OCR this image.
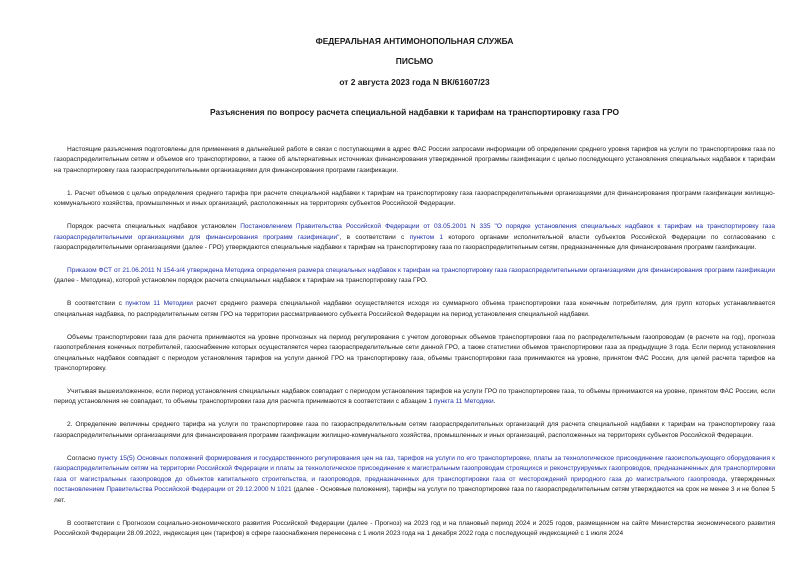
ФЕДЕРАЛЬНАЯ АНТИМОНОПОЛЬНАЯ СЛУЖБА

ПИСЬМО

от 2 августа 2023 года N ВК/61607/23

Разъяснения по вопросу расчета специальной надбавки к тарифам на транспортировку газа ГРО

Настоящие разъяснения подготовлены для применения в дальнейшей работе в связи с поступающими в адрес ФАС России запросами информации об определении среднего уровня тарифов на услуги по транспортировке газа по газораспределительным сетям и объемов его транспортировки, а также об альтернативных источниках финансирования утвержденной программы газификации с целью последующего установления специальных надбавок к тарифам на транспортировку газа газораспределительными организациями для финансирования программ газификации.

1. Расчет объемов с целью определения среднего тарифа при расчете специальной надбавки к тарифам на транспортировку газа газораспределительными организациями для финансирования программ газификации жилищно-коммунального хозяйства, промышленных и иных организаций, расположенных на территориях субъектов Российской Федерации.

Порядок расчета специальных надбавок установлен Постановлением Правительства Российской Федерации от 03.05.2001 N 335 "О порядке установления специальных надбавок к тарифам на транспортировку газа газораспределительными организациями для финансирования программ газификации", в соответствии с пунктом 1 которого органами исполнительной власти субъектов Российской Федерации по согласованию с газораспределительными организациями (далее - ГРО) утверждаются специальные надбавки к тарифам на транспортировку газа по газораспределительным сетям, предназначенные для финансирования программ газификации.

Приказом ФСТ от 21.06.2011 N 154-э/4 утверждена Методика определения размера специальных надбавок к тарифам на транспортировку газа газораспределительными организациями для финансирования программ газификации (далее - Методика), которой установлен порядок расчета специальных надбавок к тарифам на транспортировку газа ГРО.

В соответствии с пунктом 11 Методики расчет среднего размера специальной надбавки осуществляется исходя из суммарного объема транспортировки газа конечным потребителям, для групп которых устанавливается специальная надбавка, по распределительным сетям ГРО на территории рассматриваемого субъекта Российской Федерации на период установления специальной надбавки.

Объемы транспортировки газа для расчета принимаются на уровне прогнозных на период регулирования с учетом договорных объемов транспортировки газа по распределительным газопроводам (в расчете на год), прогноза газопотребления конечных потребителей, газоснабжение которых осуществляется через газораспределительные сети данной ГРО, а также статистики объемов транспортировки газа за предыдущие 3 года. Если период установления специальных надбавок совпадает с периодом установления тарифов на услуги данной ГРО на транспортировку газа, объемы транспортировки газа принимаются на уровне, принятом ФАС России, для целей расчета тарифов на транспортировку.

Учитывая вышеизложенное, если период установления специальных надбавок совпадает с периодом установления тарифов на услуги ГРО по транспортировке газа, то объемы принимаются на уровне, принятом ФАС России, если период установления не совпадает, то объемы транспортировки газа для расчета принимаются в соответствии с абзацем 1 пункта 11 Методики.

2. Определение величины среднего тарифа на услуги по транспортировке газа по газораспределительным сетям газораспределительных организаций для расчета специальной надбавки к тарифам на транспортировку газа газораспределительными организациями для финансирования программ газификации жилищно-коммунального хозяйства, промышленных и иных организаций, расположенных на территориях субъектов Российской Федерации.

Согласно пункту 15(5) Основных положений формирования и государственного регулирования цен на газ, тарифов на услуги по его транспортировке, платы за технологическое присоединение газоиспользующего оборудования к газораспределительным сетям на территории Российской Федерации и платы за технологическое присоединение к магистральным газопроводам строящихся и реконструируемых газопроводов, предназначенных для транспортировки газа от магистральных газопроводов до объектов капитального строительства, и газопроводов, предназначенных для транспортировки газа от месторождений природного газа до магистрального газопровода, утвержденных постановлением Правительства Российской Федерации от 29.12.2000 N 1021 (далее - Основные положения), тарифы на услуги по транспортировке газа по газораспределительным сетям утверждаются на срок не менее 3 и не более 5 лет.

В соответствии с Прогнозом социально-экономического развития Российской Федерации (далее - Прогноз) на 2023 год и на плановый период 2024 и 2025 годов, размещенном на сайте Министерства экономического развития Российской Федерации 28.09.2022, индексация цен (тарифов) в сфере газоснабжения перенесена с 1 июля 2023 года на 1 декабря 2022 года с последующей индексацией с 1 июля 2024
